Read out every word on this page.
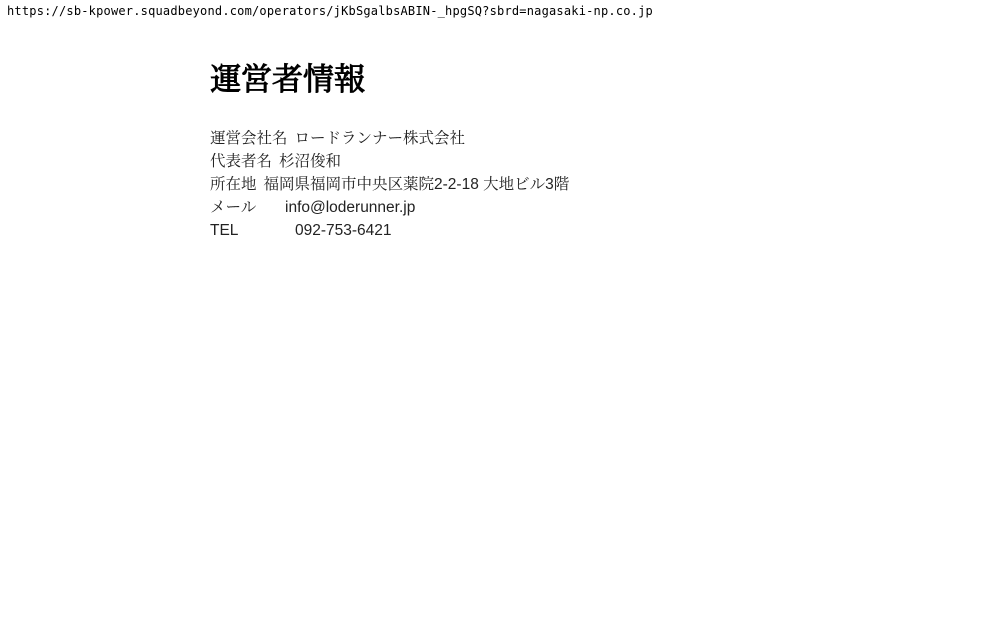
https://sb-kpower.squadbeyond.com/operators/jKbSgalbsABIN-_hpgSQ?sbrd=nagasaki-np.co.jp
運営者情報

運営会社名 ロードランナー株式会社

代表者名 杉沼俊和

所在地 福岡県福岡市中央区薬院2-2-18 大地ビル3階

メール info@loderunner.jp

TEL	092-753-6421
